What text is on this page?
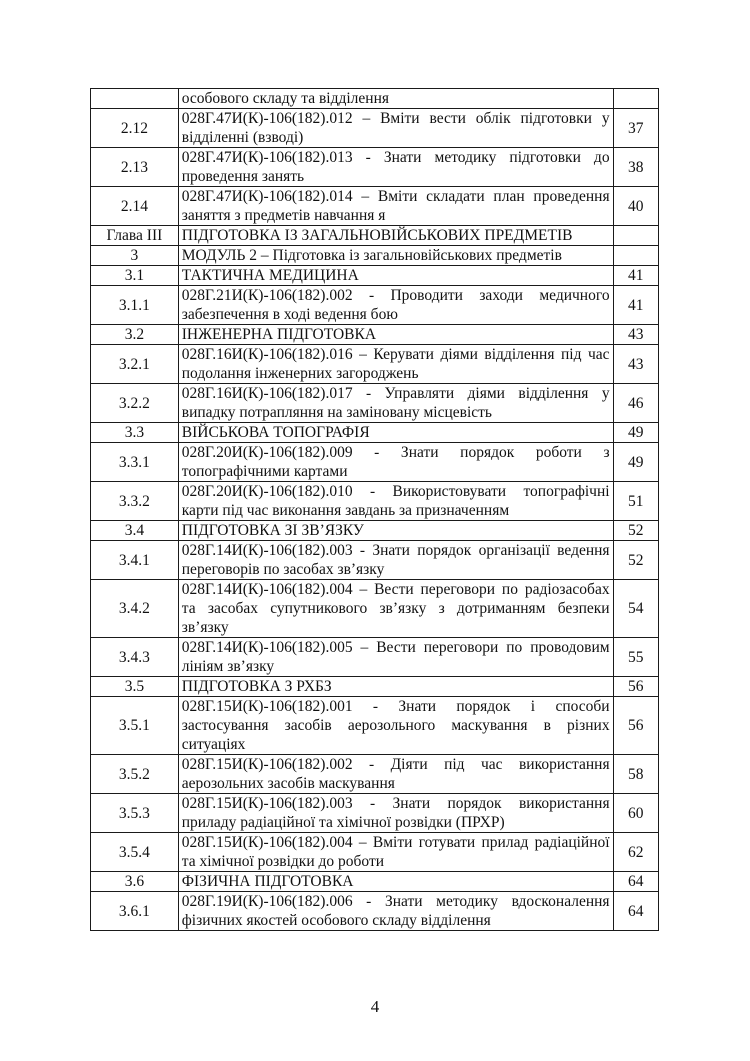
	особового складу та відділення	
2.12	028Г.47И(К)-106(182).012 – Вміти вести облік підготовки у відділенні (взводі)	37
2.13	028Г.47И(К)-106(182).013 - Знати методику підготовки до проведення занять	38
2.14	028Г.47И(К)-106(182).014 – Вміти складати план проведення заняття з предметів навчання я	40
Глава III	ПІДГОТОВКА ІЗ ЗАГАЛЬНОВІЙСЬКОВИХ ПРЕДМЕТІВ	
3	МОДУЛЬ 2 – Підготовка із загальновійськових предметів	
3.1	ТАКТИЧНА МЕДИЦИНА	41
3.1.1	028Г.21И(К)-106(182).002 - Проводити заходи медичного забезпечення в ході ведення бою	41
3.2	ІНЖЕНЕРНА ПІДГОТОВКА	43
3.2.1	028Г.16И(К)-106(182).016 – Керувати діями відділення під час подолання інженерних загороджень	43
3.2.2	028Г.16И(К)-106(182).017 - Управляти діями відділення у випадку потрапляння на заміновану місцевість	46
3.3	ВІЙСЬКОВА ТОПОГРАФІЯ	49
3.3.1	028Г.20И(К)-106(182).009 - Знати порядок роботи з топографічними картами	49
3.3.2	028Г.20И(К)-106(182).010 - Використовувати топографічні карти під час виконання завдань за призначенням	51
3.4	ПІДГОТОВКА ЗІ ЗВ’ЯЗКУ	52
3.4.1	028Г.14И(К)-106(182).003 - Знати порядок організації ведення переговорів по засобах зв’язку	52
3.4.2	028Г.14И(К)-106(182).004 – Вести переговори по радіозасобах та засобах супутникового зв’язку з дотриманням безпеки зв’язку	54
3.4.3	028Г.14И(К)-106(182).005 – Вести переговори по проводовим лініям зв’язку	55
3.5	ПІДГОТОВКА З РХБЗ	56
3.5.1	028Г.15И(К)-106(182).001 - Знати порядок і способи застосування засобів аерозольного маскування в різних ситуаціях	56
3.5.2	028Г.15И(К)-106(182).002 - Діяти під час використання аерозольних засобів маскування	58
3.5.3	028Г.15И(К)-106(182).003 - Знати порядок використання приладу радіаційної та хімічної розвідки (ПРХР)	60
3.5.4	028Г.15И(К)-106(182).004 – Вміти готувати прилад радіаційної та хімічної розвідки до роботи	62
3.6	ФІЗИЧНА ПІДГОТОВКА	64
3.6.1	028Г.19И(К)-106(182).006 - Знати методику вдосконалення фізичних якостей особового складу відділення	64
4
